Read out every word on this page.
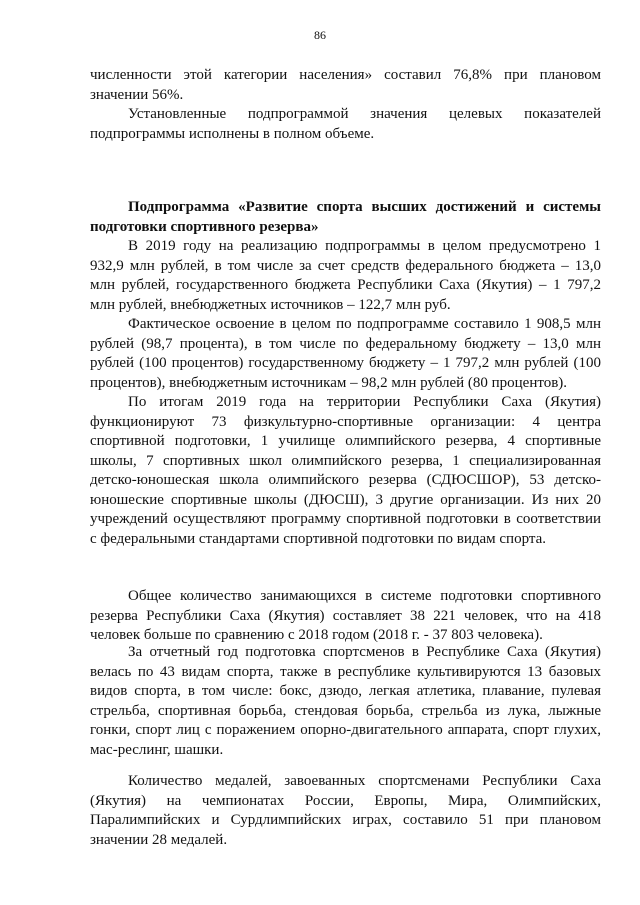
86

численности этой категории населения» составил 76,8% при плановом значении 56%.

Установленные подпрограммой значения целевых показателей подпрограммы исполнены в полном объеме.

Подпрограмма «Развитие спорта высших достижений и системы подготовки спортивного резерва»

В 2019 году на реализацию подпрограммы в целом предусмотрено 1 932,9 млн рублей, в том числе за счет средств федерального бюджета – 13,0 млн рублей, государственного бюджета Республики Саха (Якутия) – 1 797,2 млн рублей, внебюджетных источников – 122,7 млн руб.

Фактическое освоение в целом по подпрограмме составило 1 908,5 млн рублей (98,7 процента), в том числе по федеральному бюджету – 13,0 млн рублей (100 процентов) государственному бюджету – 1 797,2 млн рублей (100 процентов), внебюджетным источникам – 98,2 млн рублей (80 процентов).

По итогам 2019 года на территории Республики Саха (Якутия) функционируют 73 физкультурно-спортивные организации: 4 центра спортивной подготовки, 1 училище олимпийского резерва, 4 спортивные школы, 7 спортивных школ олимпийского резерва, 1 специализированная детско-юношеская школа олимпийского резерва (СДЮСШОР), 53 детско-юношеские спортивные школы (ДЮСШ), 3 другие организации. Из них 20 учреждений осуществляют программу спортивной подготовки в соответствии с федеральными стандартами спортивной подготовки по видам спорта.

Общее количество занимающихся в системе подготовки спортивного резерва Республики Саха (Якутия) составляет 38 221 человек, что на 418 человек больше по сравнению с 2018 годом (2018 г. - 37 803 человека).

За отчетный год подготовка спортсменов в Республике Саха (Якутия) велась по 43 видам спорта, также в республике культивируются 13 базовых видов спорта, в том числе: бокс, дзюдо, легкая атлетика, плавание, пулевая стрельба, спортивная борьба, стендовая борьба, стрельба из лука, лыжные гонки, спорт лиц с поражением опорно-двигательного аппарата, спорт глухих, мас-реслинг, шашки.

Количество медалей, завоеванных спортсменами Республики Саха (Якутия) на чемпионатах России, Европы, Мира, Олимпийских, Паралимпийских и Сурдлимпийских играх, составило 51 при плановом значении 28 медалей.
